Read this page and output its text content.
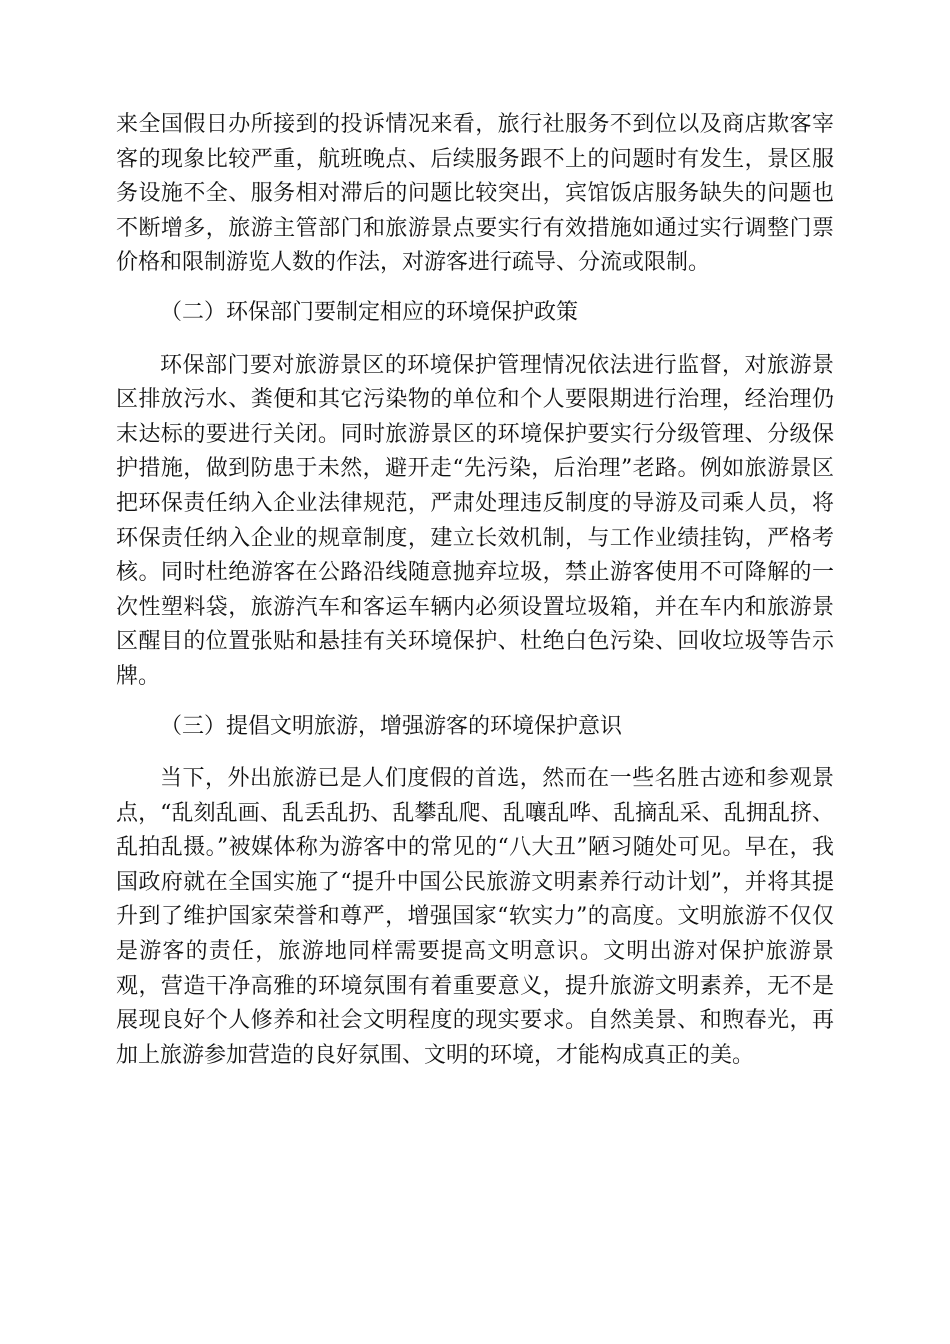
来全国假日办所接到的投诉情况来看，旅行社服务不到位以及商店欺客宰客的现象比较严重，航班晚点、后续服务跟不上的问题时有发生，景区服务设施不全、服务相对滞后的问题比较突出，宾馆饭店服务缺失的问题也不断增多，旅游主管部门和旅游景点要实行有效措施如通过实行调整门票价格和限制游览人数的作法，对游客进行疏导、分流或限制。

（二）环保部门要制定相应的环境保护政策

环保部门要对旅游景区的环境保护管理情况依法进行监督，对旅游景区排放污水、粪便和其它污染物的单位和个人要限期进行治理，经治理仍末达标的要进行关闭。同时旅游景区的环境保护要实行分级管理、分级保护措施，做到防患于未然，避开走“先污染，后治理”老路。例如旅游景区把环保责任纳入企业法律规范，严肃处理违反制度的导游及司乘人员，将环保责任纳入企业的规章制度，建立长效机制，与工作业绩挂钩，严格考核。同时杜绝游客在公路沿线随意抛弃垃圾，禁止游客使用不可降解的一次性塑料袋，旅游汽车和客运车辆内必须设置垃圾箱，并在车内和旅游景区醒目的位置张贴和悬挂有关环境保护、杜绝白色污染、回收垃圾等告示牌。

（三）提倡文明旅游，增强游客的环境保护意识

当下，外出旅游已是人们度假的首选，然而在一些名胜古迹和参观景点，“乱刻乱画、乱丢乱扔、乱攀乱爬、乱嚷乱哗、乱摘乱采、乱拥乱挤、乱拍乱摄。”被媒体称为游客中的常见的“八大丑”陋习随处可见。早在，我国政府就在全国实施了“提升中国公民旅游文明素养行动计划”，并将其提升到了维护国家荣誉和尊严，增强国家“软实力”的高度。文明旅游不仅仅是游客的责任，旅游地同样需要提高文明意识。文明出游对保护旅游景观，营造干净高雅的环境氛围有着重要意义，提升旅游文明素养，无不是展现良好个人修养和社会文明程度的现实要求。自然美景、和煦春光，再加上旅游参加营造的良好氛围、文明的环境，才能构成真正的美。
